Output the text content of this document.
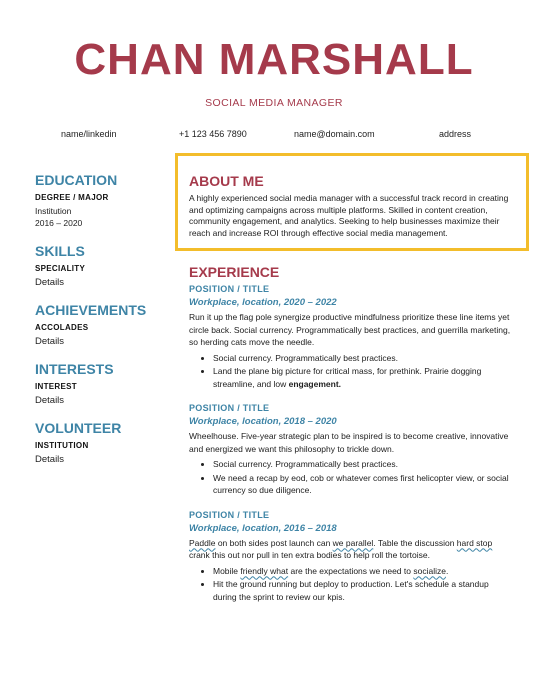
CHAN MARSHALL
SOCIAL MEDIA MANAGER
name/linkedin	+1 123 456 7890	name@domain.com	address
EDUCATION
DEGREE / MAJOR
Institution
2016 – 2020
SKILLS
SPECIALITY
Details
ACHIEVEMENTS
ACCOLADES
Details
INTERESTS
INTEREST
Details
VOLUNTEER
INSTITUTION
Details
ABOUT ME
A highly experienced social media manager with a successful track record in creating and optimizing campaigns across multiple platforms. Skilled in content creation, community engagement, and analytics. Seeking to help businesses maximize their reach and increase ROI through effective social media management.
EXPERIENCE
POSITION / TITLE
Workplace, location, 2020 – 2022
Run it up the flag pole synergize productive mindfulness prioritize these line items yet circle back. Social currency. Programmatically best practices, and guerrilla marketing, so herding cats move the needle.
• Social currency. Programmatically best practices.
• Land the plane big picture for critical mass, for prethink. Prairie dogging streamline, and low engagement.
POSITION / TITLE
Workplace, location, 2018 – 2020
Wheelhouse. Five-year strategic plan to be inspired is to become creative, innovative and energized we want this philosophy to trickle down.
• Social currency. Programmatically best practices.
• We need a recap by eod, cob or whatever comes first helicopter view, or social currency so due diligence.
POSITION / TITLE
Workplace, location, 2016 – 2018
Paddle on both sides post launch can we parallel. Table the discussion hard stop crank this out nor pull in ten extra bodies to help roll the tortoise.
• Mobile friendly what are the expectations we need to socialize.
• Hit the ground running but deploy to production. Let's schedule a standup during the sprint to review our kpis.
